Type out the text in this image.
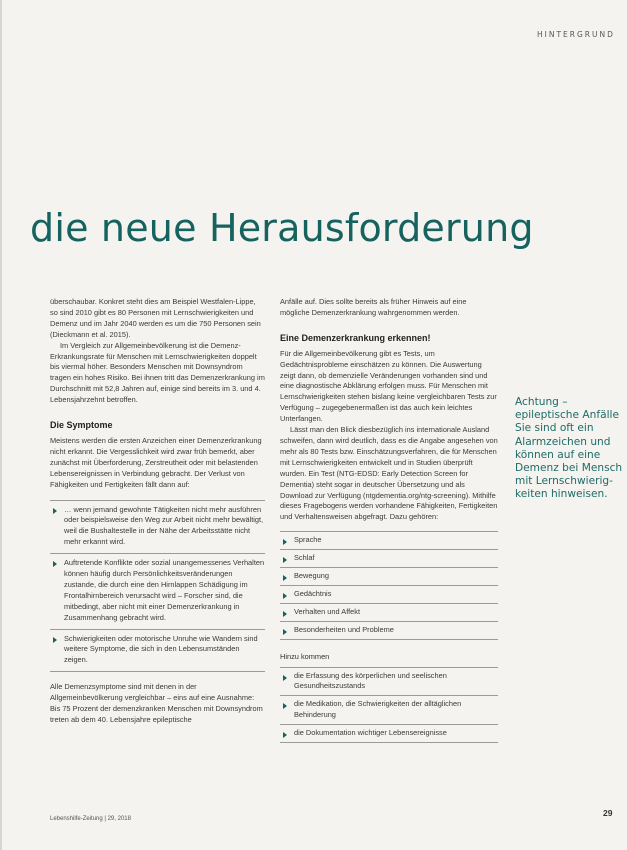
HINTERGRUND
die neue Herausforderung

überschaubar. Konkret steht dies am Beispiel Westfalen-Lippe, so sind 2010 gibt es 80 Personen mit Lernschwierigkeiten und Demenz und im Jahr 2040 werden es um die 750 Personen sein (Dieckmann et al. 2015).

Im Vergleich zur Allgemeinbevölkerung ist die Demenz-Erkrankungsrate für Menschen mit Lernschwierigkeiten doppelt bis viermal höher. Besonders Menschen mit Downsyndrom tragen ein hohes Risiko. Bei ihnen tritt das Demenzerkrankung im Durchschnitt mit 52,8 Jahren auf, einige sind bereits im 3. und 4. Lebensjahrzehnt betroffen.

Die Symptome

Meistens werden die ersten Anzeichen einer Demenzerkrankung nicht erkannt. Die Vergesslichkeit wird zwar früh bemerkt, aber zunächst mit Überforderung, Zerstreutheit oder mit belastenden Lebensereignissen in Verbindung gebracht. Der Verlust von Fähigkeiten und Fertigkeiten fällt dann auf:

… wenn jemand gewohnte Tätigkeiten nicht mehr ausführen oder beispielsweise den Weg zur Arbeit nicht mehr bewältigt, weil die Bushaltestelle in der Nähe der Arbeitsstätte nicht mehr erkannt wird.
Auftretende Konflikte oder sozial unangemessenes Verhalten können häufig durch Persönlichkeitsveränderungen zustande, die durch eine den Hirnlappen Schädigung im Frontalhirnbereich verursacht wird – Forscher sind, die mitbedingt, aber nicht mit einer Demenzerkrankung in Zusammenhang gebracht wird.
Schwierigkeiten oder motorische Unruhe wie Wandern sind weitere Symptome, die sich in den Lebensumständen zeigen.

Alle Demenzsymptome sind mit denen in der Allgemeinbevölkerung vergleichbar – eins auf eine Ausnahme: Bis 75 Prozent der demenzkranken Menschen mit Downsyndrom treten ab dem 40. Lebensjahre epileptische

Anfälle auf. Dies sollte bereits als früher Hinweis auf eine mögliche Demenzerkrankung wahrgenommen werden.

Eine Demenzerkrankung erkennen!

Für die Allgemeinbevölkerung gibt es Tests, um Gedächtnisprobleme einschätzen zu können. Die Auswertung zeigt dann, ob demenzielle Veränderungen vorhanden sind und eine diagnostische Abklärung erfolgen muss. Für Menschen mit Lernschwierigkeiten stehen bislang keine vergleichbaren Tests zur Verfügung – zugegebenermaßen ist das auch kein leichtes Unterfangen.

Lässt man den Blick diesbezüglich ins internationale Ausland schweifen, dann wird deutlich, dass es die Angabe angesehen von mehr als 80 Tests bzw. Einschätzungsverfahren, die für Menschen mit Lernschwierigkeiten entwickelt und in Studien überprüft wurden. Ein Test (NTG-EDSD: Early Detection Screen for Dementia) steht sogar in deutscher Übersetzung und als Download zur Verfügung (ntgdementia.org/ntg-screening). Mithilfe dieses Fragebogens werden vorhandene Fähigkeiten, Fertigkeiten und Verhaltensweisen abgefragt. Dazu gehören:

Sprache
Schlaf
Bewegung
Gedächtnis
Verhalten und Affekt
Besonderheiten und Probleme
Hinzu kommen
die Erfassung des körperlichen und seelischen Gesundheitszustands
die Medikation, die Schwierigkeiten der alltäglichen Behinderung
die Dokumentation wichtiger Lebensereignisse
Achtung –
epileptische Anfälle
Sie sind oft ein
Alarmzeichen und
können auf eine
Demenz bei Mensch
mit Lernschwierig-
keiten hinweisen.
Lebenshilfe-Zeitung | 29, 2018
29
